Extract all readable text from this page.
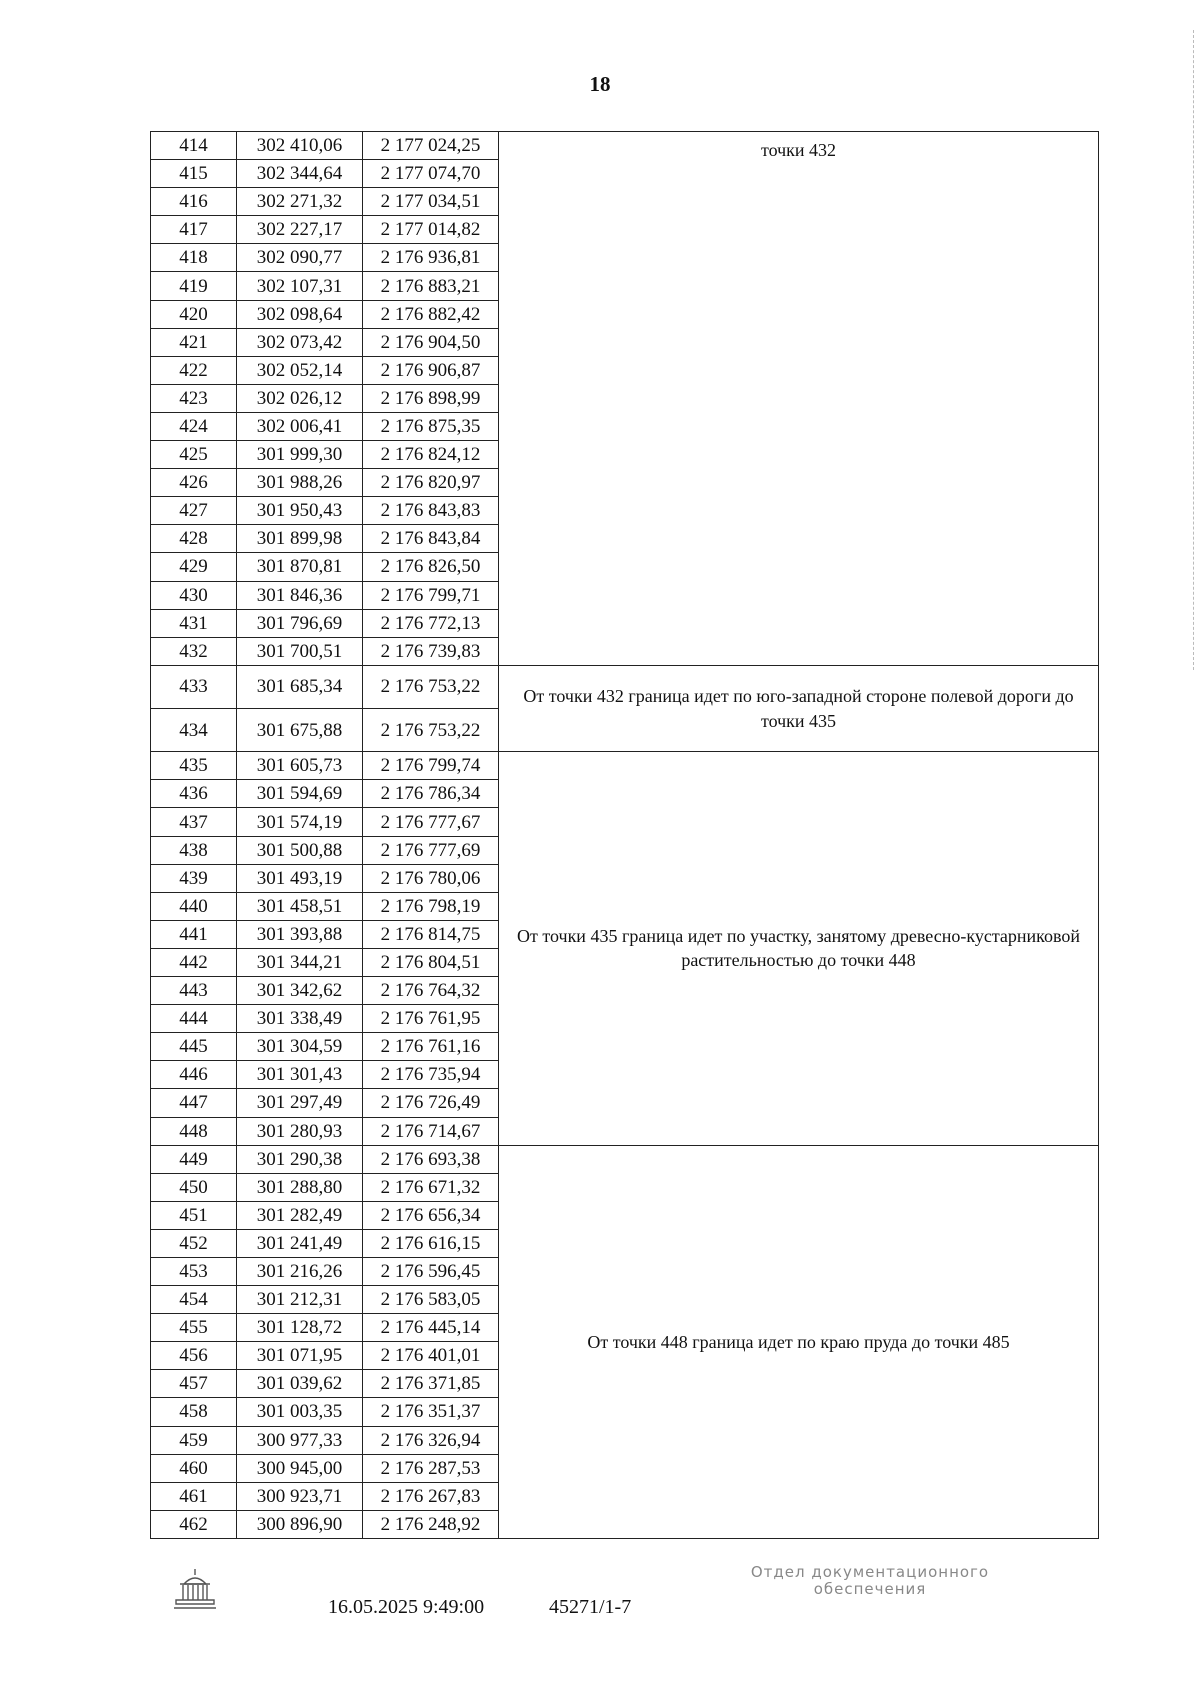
18
414	302 410,06	2 177 024,25	точки 432
415	302 344,64	2 177 074,70	
416	302 271,32	2 177 034,51	
417	302 227,17	2 177 014,82	
418	302 090,77	2 176 936,81	
419	302 107,31	2 176 883,21	
420	302 098,64	2 176 882,42	
421	302 073,42	2 176 904,50	
422	302 052,14	2 176 906,87	
423	302 026,12	2 176 898,99	
424	302 006,41	2 176 875,35	
425	301 999,30	2 176 824,12	
426	301 988,26	2 176 820,97	
427	301 950,43	2 176 843,83	
428	301 899,98	2 176 843,84	
429	301 870,81	2 176 826,50	
430	301 846,36	2 176 799,71	
431	301 796,69	2 176 772,13	
432	301 700,51	2 176 739,83	
433	301 685,34	2 176 753,22	От точки 432 граница идет по юго-западной стороне полевой дороги до точки 435
434	301 675,88	2 176 753,22	
435	301 605,73	2 176 799,74	От точки 435 граница идет по участку, занятому древесно-кустарниковой растительностью до точки 448
436	301 594,69	2 176 786,34	
437	301 574,19	2 176 777,67	
438	301 500,88	2 176 777,69	
439	301 493,19	2 176 780,06	
440	301 458,51	2 176 798,19	
441	301 393,88	2 176 814,75	
442	301 344,21	2 176 804,51	
443	301 342,62	2 176 764,32	
444	301 338,49	2 176 761,95	
445	301 304,59	2 176 761,16	
446	301 301,43	2 176 735,94	
447	301 297,49	2 176 726,49	
448	301 280,93	2 176 714,67	
449	301 290,38	2 176 693,38	От точки 448 граница идет по краю пруда до точки 485
450	301 288,80	2 176 671,32	
451	301 282,49	2 176 656,34	
452	301 241,49	2 176 616,15	
453	301 216,26	2 176 596,45	
454	301 212,31	2 176 583,05	
455	301 128,72	2 176 445,14	
456	301 071,95	2 176 401,01	
457	301 039,62	2 176 371,85	
458	301 003,35	2 176 351,37	
459	300 977,33	2 176 326,94	
460	300 945,00	2 176 287,53	
461	300 923,71	2 176 267,83	
462	300 896,90	2 176 248,92	
16.05.2025 9:49:00	45271/1-7
Отдел документационного
обеспечения
